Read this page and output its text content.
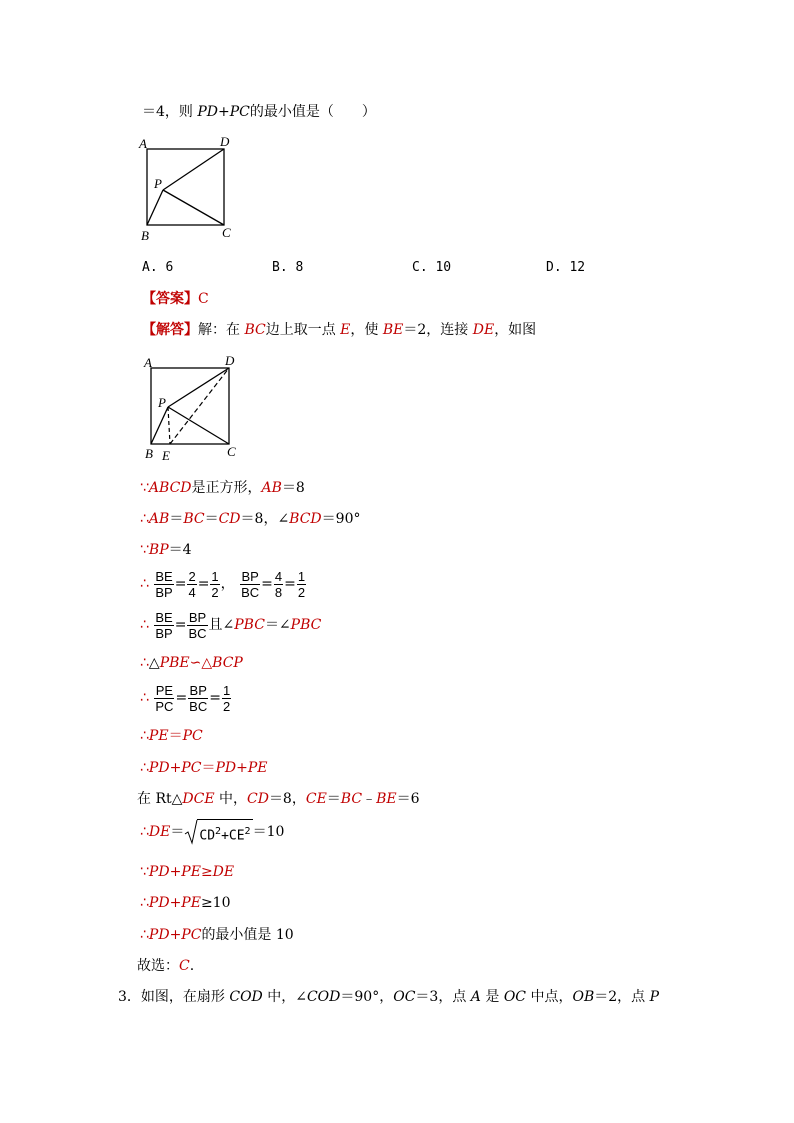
＝4，则 PD+PC的最小值是（　　）
A	D
P
B	C
A. 6	B. 8	C. 10	D. 12
【答案】C
【解答】解：在 BC边上取一点 E，使 BE＝2，连接 DE，如图
A	D
P
B E	C
∵ABCD是正方形，AB＝8
∴AB＝BC＝CD＝8，∠BCD＝90°
∵BP＝4
∴ $\frac{BE}{BP} = \frac{2}{4} = \frac{1}{2}$ ， $\frac{BP}{BC} = \frac{4}{8} = \frac{1}{2}$
∴ $\frac{BE}{BP} = \frac{BP}{BC}$ 且∠PBC＝∠PBC
∴△PBE∽△BCP
∴ $\frac{PE}{PC} = \frac{BP}{BC} = \frac{1}{2}$
∴PE＝PC
∴PD+PC＝PD+PE
在 Rt△DCE 中，CD＝8，CE＝BC﹣BE＝6
∴DE＝ $CD^2+CE^2 =10$
∵PD+PE≥DE
∴PD+PE≥10
∴PD+PC的最小值是 10
故选：C.
3．如图，在扇形 COD 中，∠COD＝90°，OC＝3，点 A 是 OC 中点，OB＝2，点 P
